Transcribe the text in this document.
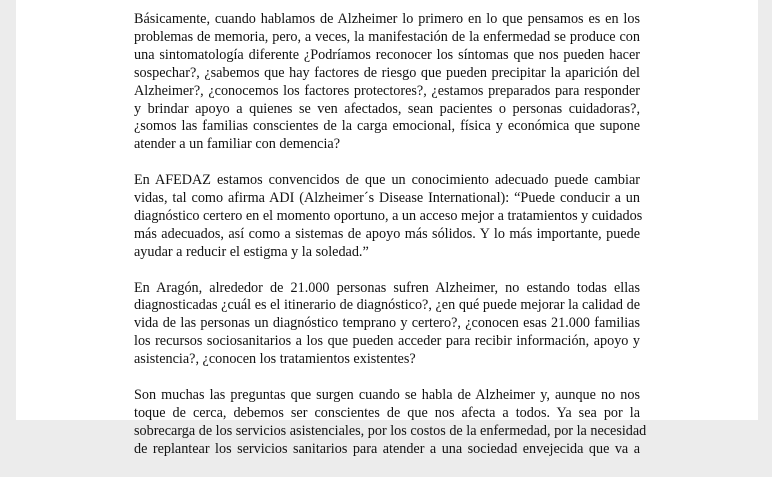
Básicamente, cuando hablamos de Alzheimer lo primero en lo que pensamos es en los
problemas de memoria, pero, a veces, la manifestación de la enfermedad se produce con
una sintomatología diferente ¿Podríamos reconocer los síntomas que nos pueden hacer
sospechar?, ¿sabemos que hay factores de riesgo que pueden precipitar la aparición del
Alzheimer?, ¿conocemos los factores protectores?, ¿estamos preparados para responder
y brindar apoyo a quienes se ven afectados, sean pacientes o personas cuidadoras?,
¿somos las familias conscientes de la carga emocional, física y económica que supone
atender a un familiar con demencia?

En AFEDAZ estamos convencidos de que un conocimiento adecuado puede cambiar
vidas, tal como afirma ADI (Alzheimer´s Disease International): “Puede conducir a un
diagnóstico certero en el momento oportuno, a un acceso mejor a tratamientos y cuidados
más adecuados, así como a sistemas de apoyo más sólidos. Y lo más importante, puede
ayudar a reducir el estigma y la soledad.”

En Aragón, alrededor de 21.000 personas sufren Alzheimer, no estando todas ellas
diagnosticadas ¿cuál es el itinerario de diagnóstico?, ¿en qué puede mejorar la calidad de
vida de las personas un diagnóstico temprano y certero?, ¿conocen esas 21.000 familias
los recursos sociosanitarios a los que pueden acceder para recibir información, apoyo y
asistencia?, ¿conocen los tratamientos existentes?

Son muchas las preguntas que surgen cuando se habla de Alzheimer y, aunque no nos
toque de cerca, debemos ser conscientes de que nos afecta a todos. Ya sea por la
sobrecarga de los servicios asistenciales, por los costos de la enfermedad, por la necesidad
de replantear los servicios sanitarios para atender a una sociedad envejecida que va a
